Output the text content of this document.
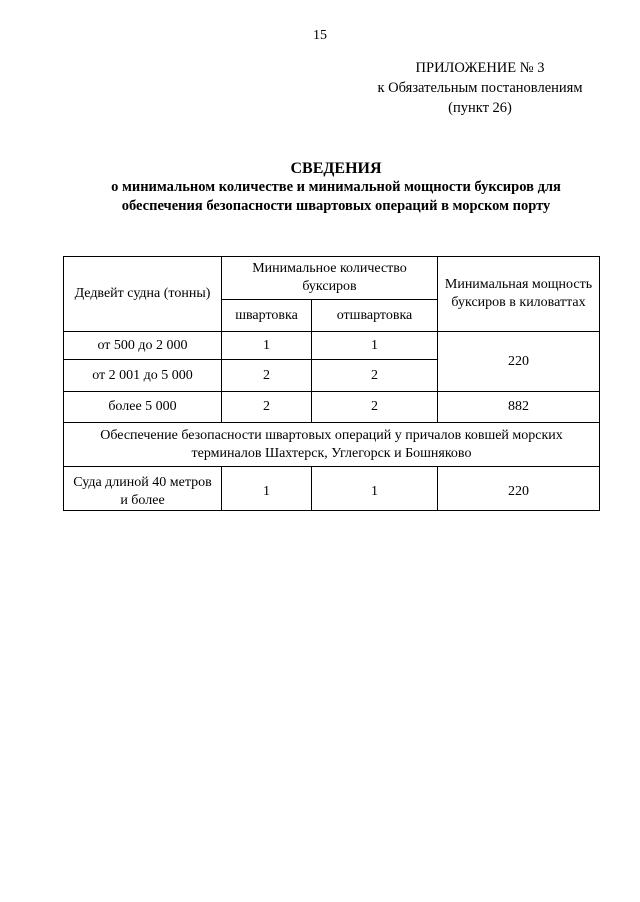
15
ПРИЛОЖЕНИЕ № 3
к Обязательным постановлениям
(пункт 26)
СВЕДЕНИЯ
о минимальном количестве и минимальной мощности буксиров для
обеспечения безопасности швартовых операций в морском порту
Дедвейт судна (тонны)	Минимальное количество буксиров		Минимальная мощность буксиров в киловаттах
	швартовка	отшвартовка	
от 500 до 2 000	1	1	220
от 2 001 до 5 000	2	2	
более 5 000	2	2	882
Обеспечение безопасности швартовых операций у причалов ковшей морских терминалов Шахтерск, Углегорск и Бошняково			
Суда длиной 40 метров и более	1	1	220
